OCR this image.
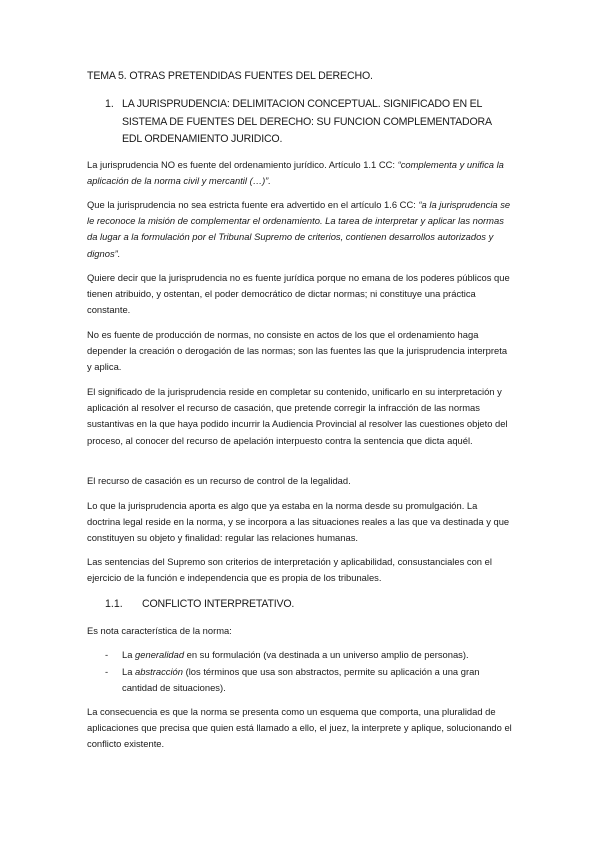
TEMA 5. OTRAS PRETENDIDAS FUENTES DEL DERECHO.
1. LA JURISPRUDENCIA: DELIMITACION CONCEPTUAL. SIGNIFICADO EN EL SISTEMA DE FUENTES DEL DERECHO: SU FUNCION COMPLEMENTADORA EDL ORDENAMIENTO JURIDICO.

La jurisprudencia NO es fuente del ordenamiento jurídico. Artículo 1.1 CC: “complementa y unifica la aplicación de la norma civil y mercantil (…)”.

Que la jurisprudencia no sea estricta fuente era advertido en el artículo 1.6 CC: “a la jurisprudencia se le reconoce la misión de complementar el ordenamiento. La tarea de interpretar y aplicar las normas da lugar a la formulación por el Tribunal Supremo de criterios, contienen desarrollos autorizados y dignos”.

Quiere decir que la jurisprudencia no es fuente jurídica porque no emana de los poderes públicos que tienen atribuido, y ostentan, el poder democrático de dictar normas; ni constituye una práctica constante.

No es fuente de producción de normas, no consiste en actos de los que el ordenamiento haga depender la creación o derogación de las normas; son las fuentes las que la jurisprudencia interpreta y aplica.

El significado de la jurisprudencia reside en completar su contenido, unificarlo en su interpretación y aplicación al resolver el recurso de casación, que pretende corregir la infracción de las normas sustantivas en la que haya podido incurrir la Audiencia Provincial al resolver las cuestiones objeto del proceso, al conocer del recurso de apelación interpuesto contra la sentencia que dicta aquél.

El recurso de casación es un recurso de control de la legalidad.

Lo que la jurisprudencia aporta es algo que ya estaba en la norma desde su promulgación. La doctrina legal reside en la norma, y se incorpora a las situaciones reales a las que va destinada y que constituyen su objeto y finalidad: regular las relaciones humanas.

Las sentencias del Supremo son criterios de interpretación y aplicabilidad, consustanciales con el ejercicio de la función e independencia que es propia de los tribunales.

1.1. CONFLICTO INTERPRETATIVO.

Es nota característica de la norma:

- La generalidad en su formulación (va destinada a un universo amplio de personas).
- La abstracción (los términos que usa son abstractos, permite su aplicación a una gran cantidad de situaciones).

La consecuencia es que la norma se presenta como un esquema que comporta, una pluralidad de aplicaciones que precisa que quien está llamado a ello, el juez, la interprete y aplique, solucionando el conflicto existente.
